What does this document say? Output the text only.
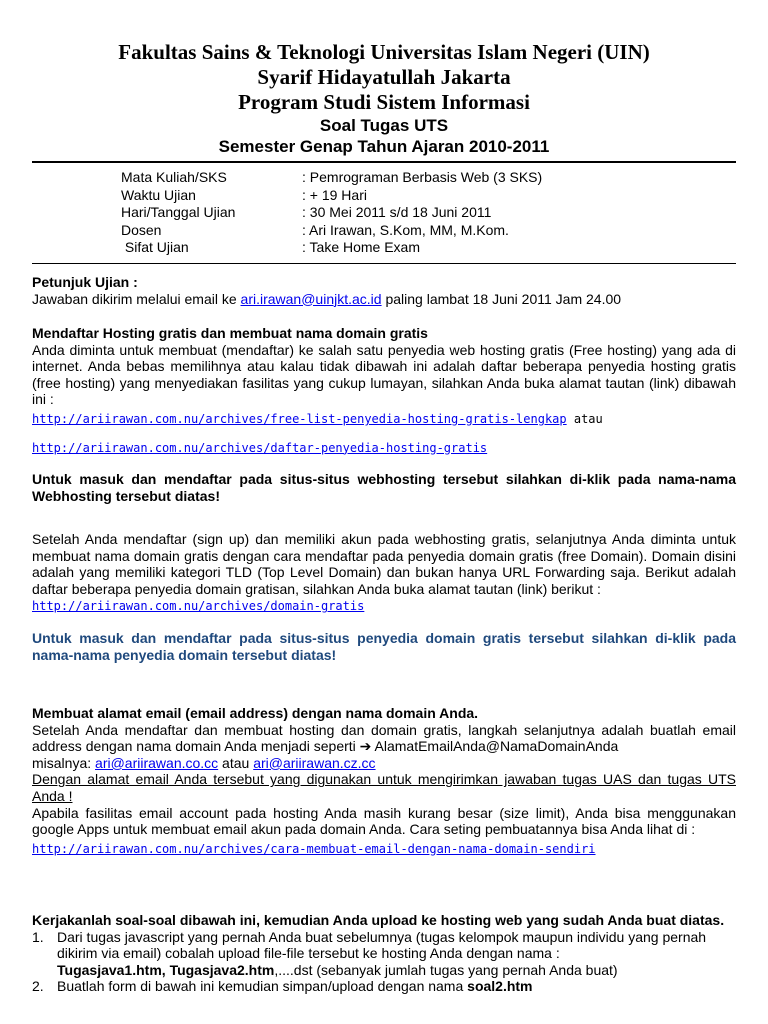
Fakultas Sains & Teknologi Universitas Islam Negeri (UIN)
Syarif Hidayatullah Jakarta
Program Studi Sistem Informasi
Soal Tugas UTS
Semester Genap Tahun Ajaran 2010-2011
Mata Kuliah/SKS	: Pemrograman Berbasis Web (3 SKS)
Waktu Ujian	: + 19 Hari
Hari/Tanggal Ujian	: 30 Mei 2011 s/d 18 Juni 2011
Dosen	: Ari Irawan, S.Kom, MM, M.Kom.
Sifat Ujian	: Take Home Exam
Petunjuk Ujian :
Jawaban dikirim melalui email ke ari.irawan@uinjkt.ac.id paling lambat 18 Juni 2011 Jam 24.00
Mendaftar Hosting gratis dan membuat nama domain gratis
Anda diminta untuk membuat (mendaftar) ke salah satu penyedia web hosting gratis (Free hosting) yang ada di internet. Anda bebas memilihnya atau kalau tidak dibawah ini adalah daftar beberapa penyedia hosting gratis (free hosting) yang menyediakan fasilitas yang cukup lumayan, silahkan Anda buka alamat tautan (link) dibawah ini :
http://ariirawan.com.nu/archives/free-list-penyedia-hosting-gratis-lengkap atau
http://ariirawan.com.nu/archives/daftar-penyedia-hosting-gratis
Untuk masuk dan mendaftar pada situs-situs webhosting tersebut silahkan di-klik pada nama-nama Webhosting tersebut diatas!
Setelah Anda mendaftar (sign up) dan memiliki akun pada webhosting gratis, selanjutnya Anda diminta untuk membuat nama domain gratis dengan cara mendaftar pada penyedia domain gratis (free Domain). Domain disini adalah yang memiliki kategori TLD (Top Level Domain) dan bukan hanya URL Forwarding saja. Berikut adalah daftar beberapa penyedia domain gratisan, silahkan Anda buka alamat tautan (link) berikut :
http://ariirawan.com.nu/archives/domain-gratis
Untuk masuk dan mendaftar pada situs-situs penyedia domain gratis tersebut silahkan di-klik pada nama-nama penyedia domain tersebut diatas!
Membuat alamat email (email address) dengan nama domain Anda.
Setelah Anda mendaftar dan membuat hosting dan domain gratis, langkah selanjutnya adalah buatlah email address dengan nama domain Anda menjadi seperti ➔ AlamatEmailAnda@NamaDomainAnda
misalnya: ari@ariirawan.co.cc atau ari@ariirawan.cz.cc
Dengan alamat email Anda tersebut yang digunakan untuk mengirimkan jawaban tugas UAS dan tugas UTS Anda !
Apabila fasilitas email account pada hosting Anda masih kurang besar (size limit), Anda bisa menggunakan google Apps untuk membuat email akun pada domain Anda. Cara seting pembuatannya bisa Anda lihat di :
http://ariirawan.com.nu/archives/cara-membuat-email-dengan-nama-domain-sendiri
Kerjakanlah soal-soal dibawah ini, kemudian Anda upload ke hosting web yang sudah Anda buat diatas.
1. Dari tugas javascript yang pernah Anda buat sebelumnya (tugas kelompok maupun individu yang pernah dikirim via email) cobalah upload file-file tersebut ke hosting Anda dengan nama :
Tugasjava1.htm, Tugasjava2.htm,....dst (sebanyak jumlah tugas yang pernah Anda buat)
2. Buatlah form di bawah ini kemudian simpan/upload dengan nama soal2.htm
